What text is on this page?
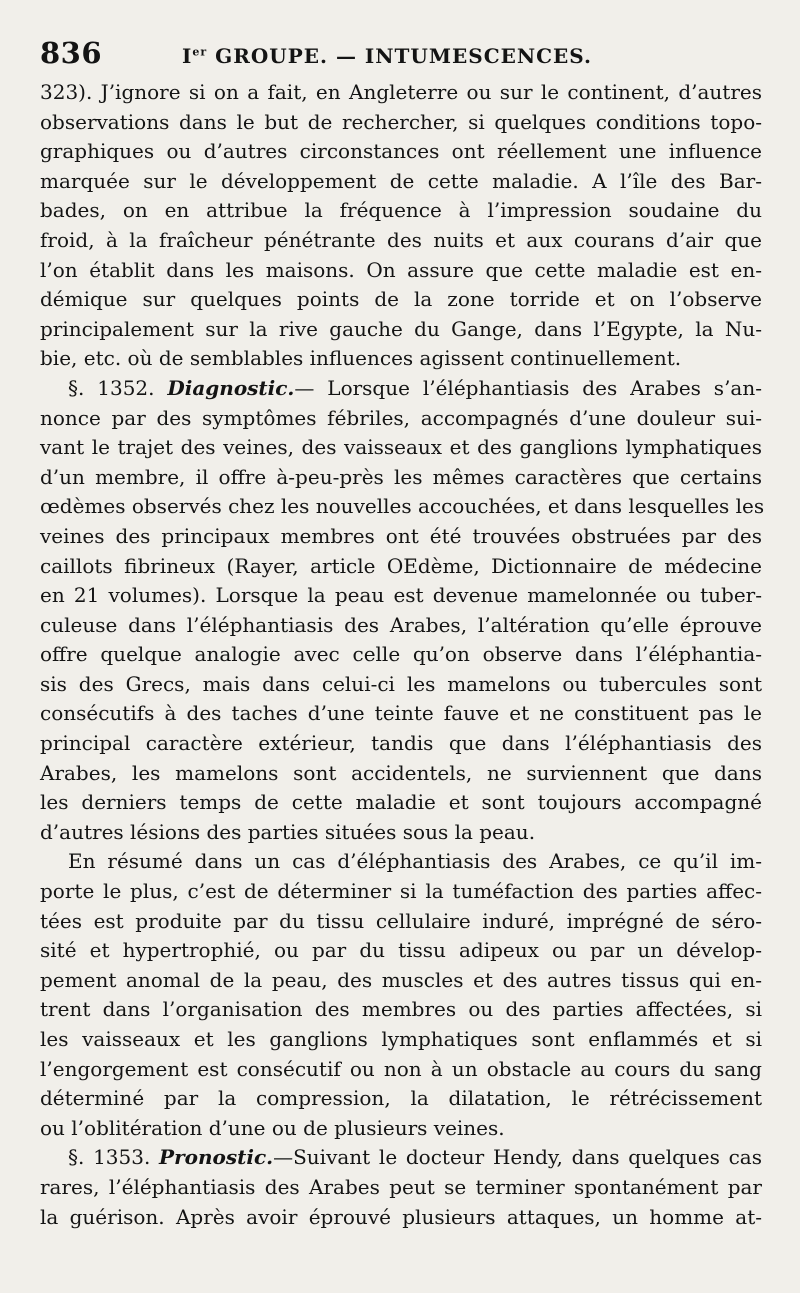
836	Ier GROUPE. — INTUMESCENCES.

323). J’ignore si on a fait, en Angleterre ou sur le continent, d’autres
observations dans le but de rechercher, si quelques conditions topo-
graphiques ou d’autres circonstances ont réellement une influence
marquée sur le développement de cette maladie. A l’île des Bar-
bades, on en attribue la fréquence à l’impression soudaine du
froid, à la fraîcheur pénétrante des nuits et aux courans d’air que
l’on établit dans les maisons. On assure que cette maladie est en-
démique sur quelques points de la zone torride et on l’observe
principalement sur la rive gauche du Gange, dans l’Egypte, la Nu-
bie, etc. où de semblables influences agissent continuellement.

§. 1352. Diagnostic.— Lorsque l’éléphantiasis des Arabes s’an-
nonce par des symptômes fébriles, accompagnés d’une douleur sui-
vant le trajet des veines, des vaisseaux et des ganglions lymphatiques
d’un membre, il offre à-peu-près les mêmes caractères que certains
œdèmes observés chez les nouvelles accouchées, et dans lesquelles les
veines des principaux membres ont été trouvées obstruées par des
caillots fibrineux (Rayer, article OEdème, Dictionnaire de médecine
en 21 volumes). Lorsque la peau est devenue mamelonnée ou tuber-
culeuse dans l’éléphantiasis des Arabes, l’altération qu’elle éprouve
offre quelque analogie avec celle qu’on observe dans l’éléphantia-
sis des Grecs, mais dans celui-ci les mamelons ou tubercules sont
consécutifs à des taches d’une teinte fauve et ne constituent pas le
principal caractère extérieur, tandis que dans l’éléphantiasis des
Arabes, les mamelons sont accidentels, ne surviennent que dans
les derniers temps de cette maladie et sont toujours accompagné
d’autres lésions des parties situées sous la peau.

En résumé dans un cas d’éléphantiasis des Arabes, ce qu’il im-
porte le plus, c’est de déterminer si la tuméfaction des parties affec-
tées est produite par du tissu cellulaire induré, imprégné de séro-
sité et hypertrophié, ou par du tissu adipeux ou par un dévelop-
pement anomal de la peau, des muscles et des autres tissus qui en-
trent dans l’organisation des membres ou des parties affectées, si
les vaisseaux et les ganglions lymphatiques sont enflammés et si
l’engorgement est consécutif ou non à un obstacle au cours du sang
déterminé par la compression, la dilatation, le rétrécissement
ou l’oblitération d’une ou de plusieurs veines.

§. 1353. Pronostic.—Suivant le docteur Hendy, dans quelques cas
rares, l’éléphantiasis des Arabes peut se terminer spontanément par
la guérison. Après avoir éprouvé plusieurs attaques, un homme at-
